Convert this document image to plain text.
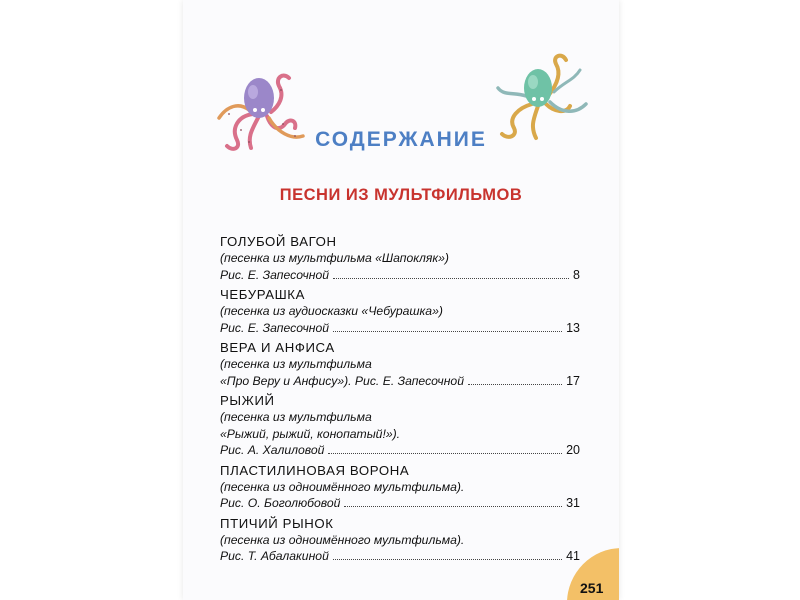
СОДЕРЖАНИЕ
ПЕСНИ ИЗ МУЛЬТФИЛЬМОВ
ГОЛУБОЙ ВАГОН
(песенка из мультфильма «Шапокляк»)
Рис. Е. Запесочной	8
ЧЕБУРАШКА
(песенка из аудиосказки «Чебурашка»)
Рис. Е. Запесочной	13
ВЕРА И АНФИСА
(песенка из мультфильма
«Про Веру и Анфису»). Рис. Е. Запесочной	17
РЫЖИЙ
(песенка из мультфильма
«Рыжий, рыжий, конопатый!»).
Рис. А. Халиловой	20
ПЛАСТИЛИНОВАЯ ВОРОНА
(песенка из одноимённого мультфильма).
Рис. О. Боголюбовой	31
ПТИЧИЙ РЫНОК
(песенка из одноимённого мультфильма).
Рис. Т. Абалакиной	41
251
